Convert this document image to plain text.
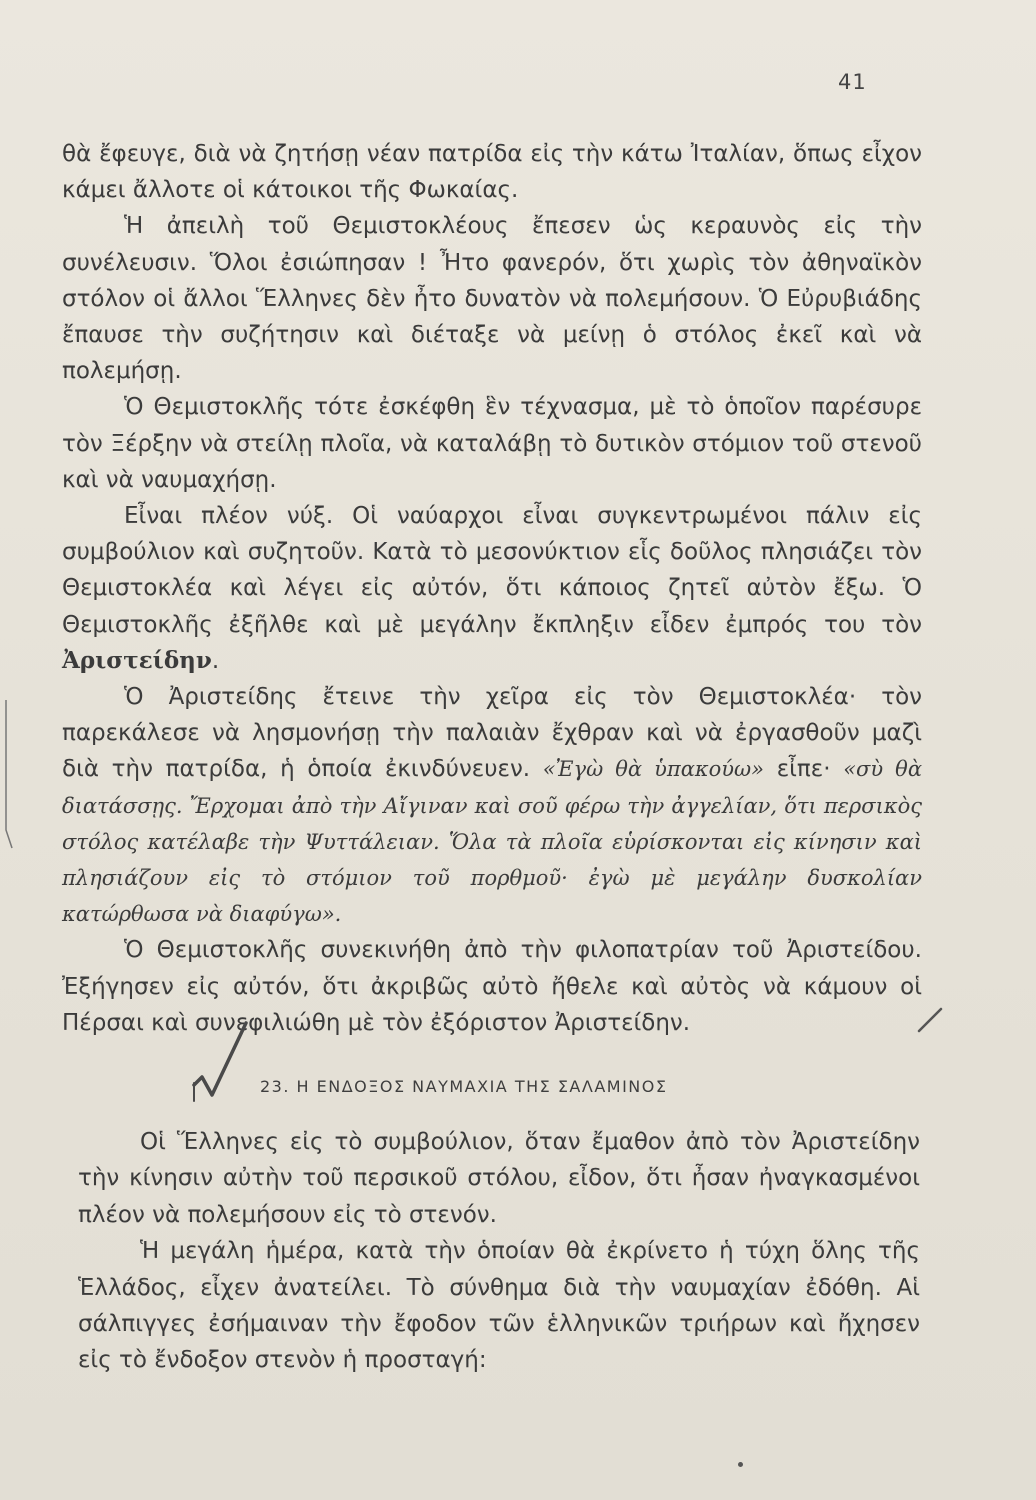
41

θὰ ἔφευγε, διὰ νὰ ζητήσῃ νέαν πατρίδα εἰς τὴν κάτω Ἰταλίαν, ὅπως εἶχον κάμει ἄλλοτε οἱ κάτοικοι τῆς Φωκαίας.

Ἡ ἀπειλὴ τοῦ Θεμιστοκλέους ἔπεσεν ὡς κεραυνὸς εἰς τὴν συνέλευσιν. Ὅλοι ἐσιώπησαν ! Ἦτο φανερόν, ὅτι χωρὶς τὸν ἀθηναϊκὸν στόλον οἱ ἄλλοι Ἕλληνες δὲν ἦτο δυνατὸν νὰ πολεμήσουν. Ὁ Εὐρυβιάδης ἔπαυσε τὴν συζήτησιν καὶ διέταξε νὰ μείνῃ ὁ στόλος ἐκεῖ καὶ νὰ πολεμήσῃ.

Ὁ Θεμιστοκλῆς τότε ἐσκέφθη ἓν τέχνασμα, μὲ τὸ ὁποῖον παρέσυρε τὸν Ξέρξην νὰ στείλῃ πλοῖα, νὰ καταλάβῃ τὸ δυτικὸν στόμιον τοῦ στενοῦ καὶ νὰ ναυμαχήσῃ.

Εἶναι πλέον νύξ. Οἱ ναύαρχοι εἶναι συγκεντρωμένοι πάλιν εἰς συμβούλιον καὶ συζητοῦν. Κατὰ τὸ μεσονύκτιον εἷς δοῦλος πλησιάζει τὸν Θεμιστοκλέα καὶ λέγει εἰς αὐτόν, ὅτι κάποιος ζητεῖ αὐτὸν ἔξω. Ὁ Θεμιστοκλῆς ἐξῆλθε καὶ μὲ μεγάλην ἔκπληξιν εἶδεν ἐμπρός του τὸν Ἀριστείδην.

Ὁ Ἀριστείδης ἔτεινε τὴν χεῖρα εἰς τὸν Θεμιστοκλέα· τὸν παρεκάλεσε νὰ λησμονήσῃ τὴν παλαιὰν ἔχθραν καὶ νὰ ἐργασθοῦν μαζὶ διὰ τὴν πατρίδα, ἡ ὁποία ἐκινδύνευεν. «Ἐγὼ θὰ ὑπακούω» εἶπε· «σὺ θὰ διατάσσῃς. Ἔρχομαι ἀπὸ τὴν Αἴγιναν καὶ σοῦ φέρω τὴν ἀγγελίαν, ὅτι περσικὸς στόλος κατέλαβε τὴν Ψυττάλειαν. Ὅλα τὰ πλοῖα εὑρίσκονται εἰς κίνησιν καὶ πλησιάζουν εἰς τὸ στόμιον τοῦ πορθμοῦ· ἐγὼ μὲ μεγάλην δυσκολίαν κατώρθωσα νὰ διαφύγω».

Ὁ Θεμιστοκλῆς συνεκινήθη ἀπὸ τὴν φιλοπατρίαν τοῦ Ἀριστείδου. Ἐξήγησεν εἰς αὐτόν, ὅτι ἀκριβῶς αὐτὸ ἤθελε καὶ αὐτὸς νὰ κάμουν οἱ Πέρσαι καὶ συνεφιλιώθη μὲ τὸν ἐξόριστον Ἀριστείδην.

23. Η ΕΝΔΟΞΟΣ ΝΑΥΜΑΧΙΑ ΤΗΣ ΣΑΛΑΜΙΝΟΣ

Οἱ Ἕλληνες εἰς τὸ συμβούλιον, ὅταν ἔμαθον ἀπὸ τὸν Ἀριστείδην τὴν κίνησιν αὐτὴν τοῦ περσικοῦ στόλου, εἶδον, ὅτι ἦσαν ἠναγκασμένοι πλέον νὰ πολεμήσουν εἰς τὸ στενόν.

Ἡ μεγάλη ἡμέρα, κατὰ τὴν ὁποίαν θὰ ἐκρίνετο ἡ τύχη ὅλης τῆς Ἑλλάδος, εἶχεν ἀνατείλει. Τὸ σύνθημα διὰ τὴν ναυμαχίαν ἐδόθη. Αἱ σάλπιγγες ἐσήμαιναν τὴν ἔφοδον τῶν ἑλληνικῶν τριήρων καὶ ἤχησεν εἰς τὸ ἔνδοξον στενὸν ἡ προσταγή:
